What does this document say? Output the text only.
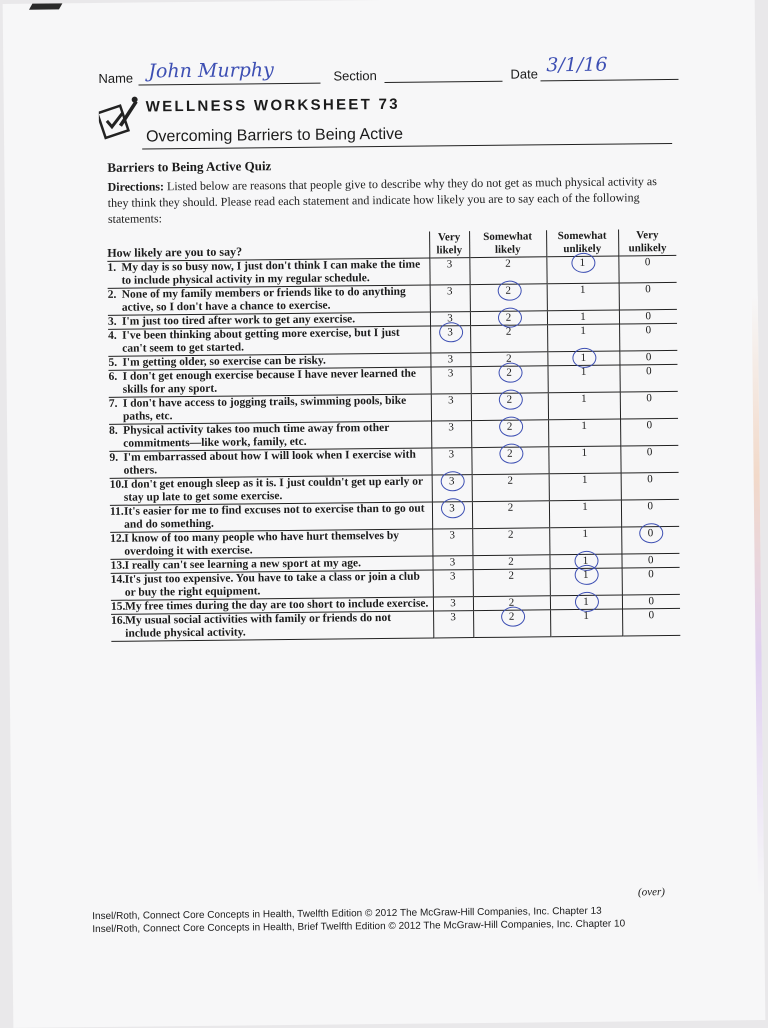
Name John Murphy	Section	Date 3/1/16
WELLNESS WORKSHEET 73
Overcoming Barriers to Being Active
Barriers to Being Active Quiz
Directions: Listed below are reasons that people give to describe why they do not get as much physical activity as they think they should. Please read each statement and indicate how likely you are to say each of the following statements:
How likely are you to say?	Very likely	Somewhat likely	Somewhat unlikely	Very unlikely
1. My day is so busy now, I just don't think I can make the time to include physical activity in my regular schedule.	3	2	1	0
2. None of my family members or friends like to do anything active, so I don't have a chance to exercise.	3	2	1	0
3. I'm just too tired after work to get any exercise.	3	2	1	0
4. I've been thinking about getting more exercise, but I just can't seem to get started.	3	2	1	0
5. I'm getting older, so exercise can be risky.	3	2	1	0
6. I don't get enough exercise because I have never learned the skills for any sport.	3	2	1	0
7. I don't have access to jogging trails, swimming pools, bike paths, etc.	3	2	1	0
8. Physical activity takes too much time away from other commitments—like work, family, etc.	3	2	1	0
9. I'm embarrassed about how I will look when I exercise with others.	3	2	1	0
10.I don't get enough sleep as it is. I just couldn't get up early or stay up late to get some exercise.	3	2	1	0
11.It's easier for me to find excuses not to exercise than to go out and do something.	3	2	1	0
12.I know of too many people who have hurt themselves by overdoing it with exercise.	3	2	1	0
13.I really can't see learning a new sport at my age.	3	2	1	0
14.It's just too expensive. You have to take a class or join a club or buy the right equipment.	3	2	1	0
15.My free times during the day are too short to include exercise.	3	2	1	0
16.My usual social activities with family or friends do not include physical activity.	3	2	1	0
(over)
Insel/Roth, Connect Core Concepts in Health, Twelfth Edition © 2012 The McGraw-Hill Companies, Inc. Chapter 13
Insel/Roth, Connect Core Concepts in Health, Brief Twelfth Edition © 2012 The McGraw-Hill Companies, Inc. Chapter 10
